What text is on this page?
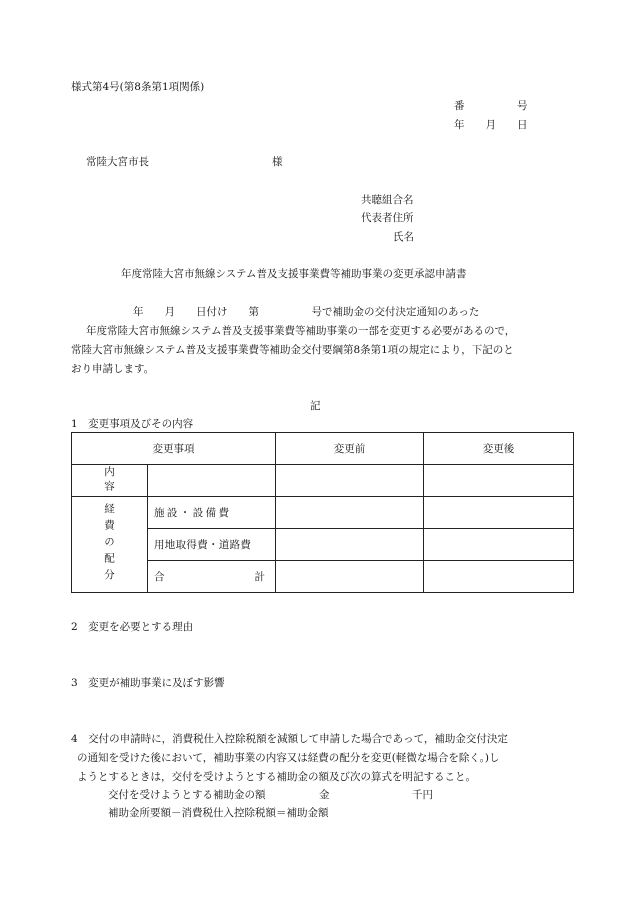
様式第4号(第8条第1項関係)
番　　　　　号
年　　月　　日
常陸大宮市長	様
共聴組合名
代表者住所
氏名
年度常陸大宮市無線システム普及支援事業費等補助事業の変更承認申請書
年　　月　　日付け　　第　　　　　号で補助金の交付決定通知のあった
年度常陸大宮市無線システム普及支援事業費等補助事業の一部を変更する必要があるので，
常陸大宮市無線システム普及支援事業費等補助金交付要綱第8条第1項の規定により，下記のと
おり申請します。
記
1　変更事項及びその内容
変更事項		変更前	変更後

内容			

経費の配分	施設・設備費		

	用地取得費・道路費		

	合 計		

2　変更を必要とする理由
3　変更が補助事業に及ぼす影響
4　交付の申請時に，消費税仕入控除税額を減額して申請した場合であって，補助金交付決定
の通知を受けた後において，補助事業の内容又は経費の配分を変更(軽微な場合を除く。)し
ようとするときは，交付を受けようとする補助金の額及び次の算式を明記すること。
交付を受けようとする補助金の額	金	千円
補助金所要額－消費税仕入控除税額＝補助金額
